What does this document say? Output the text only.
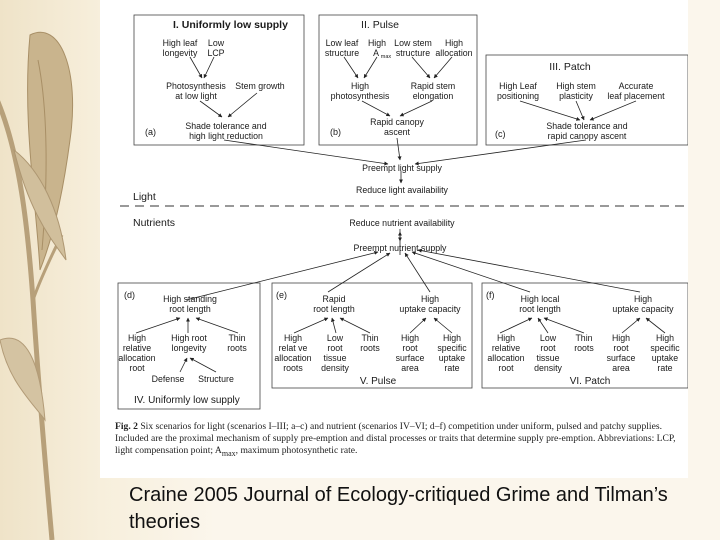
I. Uniformly low supply
High leaf
longevity
Low
LCP
Photosynthesis
at low light
Stem growth
Shade tolerance and
high light reduction
(a)
II. Pulse
Low leaf
structure
High
A max
Low stem
structure
High
allocation
High
photosynthesis
Rapid stem
elongation
Rapid canopy
ascent
(b)
III. Patch
High Leaf
positioning
High stem
plasticity
Accurate
leaf placement
Shade tolerance and
rapid canopy ascent
(c)
Preempt light supply
Reduce light availability
Reduce nutrient availability
Preempt nutrient supply
Light
Nutrients
(d)	High standing
root length
High
relative
allocation
root
High root
longevity
Thin
roots
Defense Structure
IV. Uniformly low supply
(e)	Rapid
root length
High
uptake capacity
High
relat ve
allocation
roots
Low
root
tissue
density
Thin
roots
High
root
surface
area
High
specific
uptake
rate
V. Pulse
(f)	High local
root length
High
uptake capacity
High
relative
allocation
root
Low
root
tissue
density
Thin
roots
High
root
surface
area
High
specific
uptake
rate
VI. Patch
Fig. 2 Six scenarios for light (scenarios I–III; a–c) and nutrient (scenarios IV–VI; d–f) competition under uniform, pulsed and patchy supplies. Included are the proximal mechanism of supply pre-emption and distal processes or traits that determine supply pre-emption. Abbreviations: LCP, light compensation point; $A_{max}$, maximum photosynthetic rate.
Craine 2005 Journal of Ecology-critiqued Grime and Tilman’s theories
